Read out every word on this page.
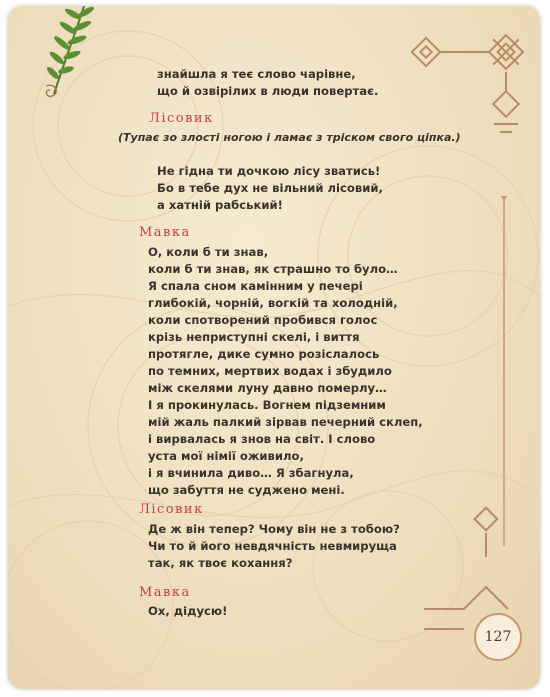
127
знайшла я теє слово чарівне,
що й озвірілих в люди повертає.
Лісовик
(Тупає зо злості ногою і ламає з тріском свого ціпка.)
Не гідна ти дочкою лісу зватись!
Бо в тебе дух не вільний лісовий,
а хатній рабський!
Мавка
О, коли б ти знав,
коли б ти знав, як страшно то було…
Я спала сном камінним у печері
глибокій, чорній, вогкій та холодній,
коли спотворений пробився голос
крізь неприступні скелі, і виття
протягле, дике сумно розіслалось
по темних, мертвих водах і збудило
між скелями луну давно померлу…
І я прокинулась. Вогнем підземним
мій жаль палкий зірвав печерний склеп,
і вирвалась я знов на світ. І слово
уста мої німії оживило,
і я вчинила диво… Я збагнула,
що забуття не суджено мені.
Лісовик
Де ж він тепер? Чому він не з тобою?
Чи то й його невдячність невмируща
так, як твоє кохання?
Мавка
Ох, дідусю!
